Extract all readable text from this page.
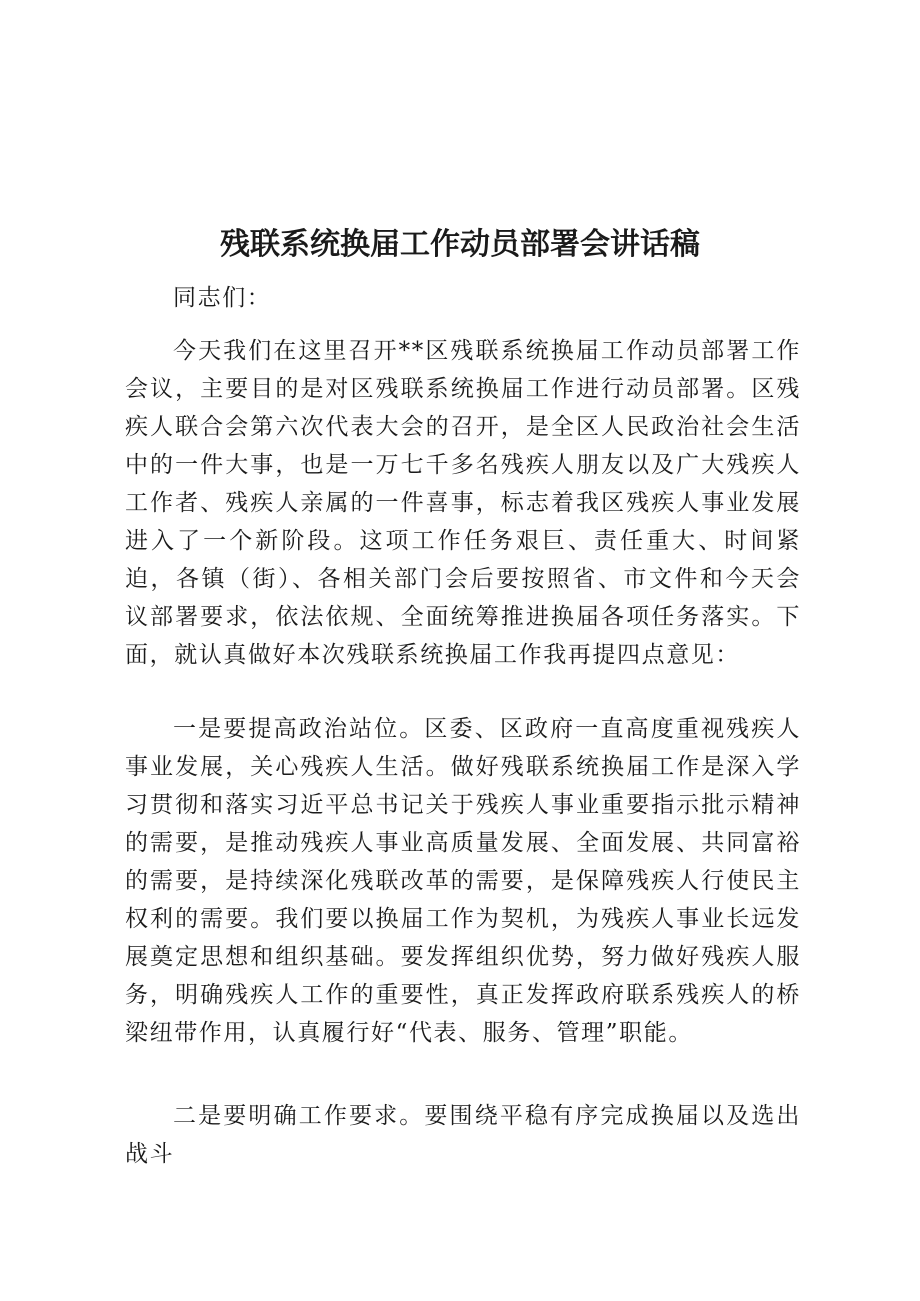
残联系统换届工作动员部署会讲话稿

同志们：

今天我们在这里召开**区残联系统换届工作动员部署工作会议，主要目的是对区残联系统换届工作进行动员部署。区残疾人联合会第六次代表大会的召开，是全区人民政治社会生活中的一件大事，也是一万七千多名残疾人朋友以及广大残疾人工作者、残疾人亲属的一件喜事，标志着我区残疾人事业发展进入了一个新阶段。这项工作任务艰巨、责任重大、时间紧迫，各镇（街）、各相关部门会后要按照省、市文件和今天会议部署要求，依法依规、全面统筹推进换届各项任务落实。下面，就认真做好本次残联系统换届工作我再提四点意见：

一是要提高政治站位。区委、区政府一直高度重视残疾人事业发展，关心残疾人生活。做好残联系统换届工作是深入学习贯彻和落实习近平总书记关于残疾人事业重要指示批示精神的需要，是推动残疾人事业高质量发展、全面发展、共同富裕的需要，是持续深化残联改革的需要，是保障残疾人行使民主权利的需要。我们要以换届工作为契机，为残疾人事业长远发展奠定思想和组织基础。要发挥组织优势，努力做好残疾人服务，明确残疾人工作的重要性，真正发挥政府联系残疾人的桥梁纽带作用，认真履行好“代表、服务、管理”职能。

二是要明确工作要求。要围绕平稳有序完成换届以及选出战斗
